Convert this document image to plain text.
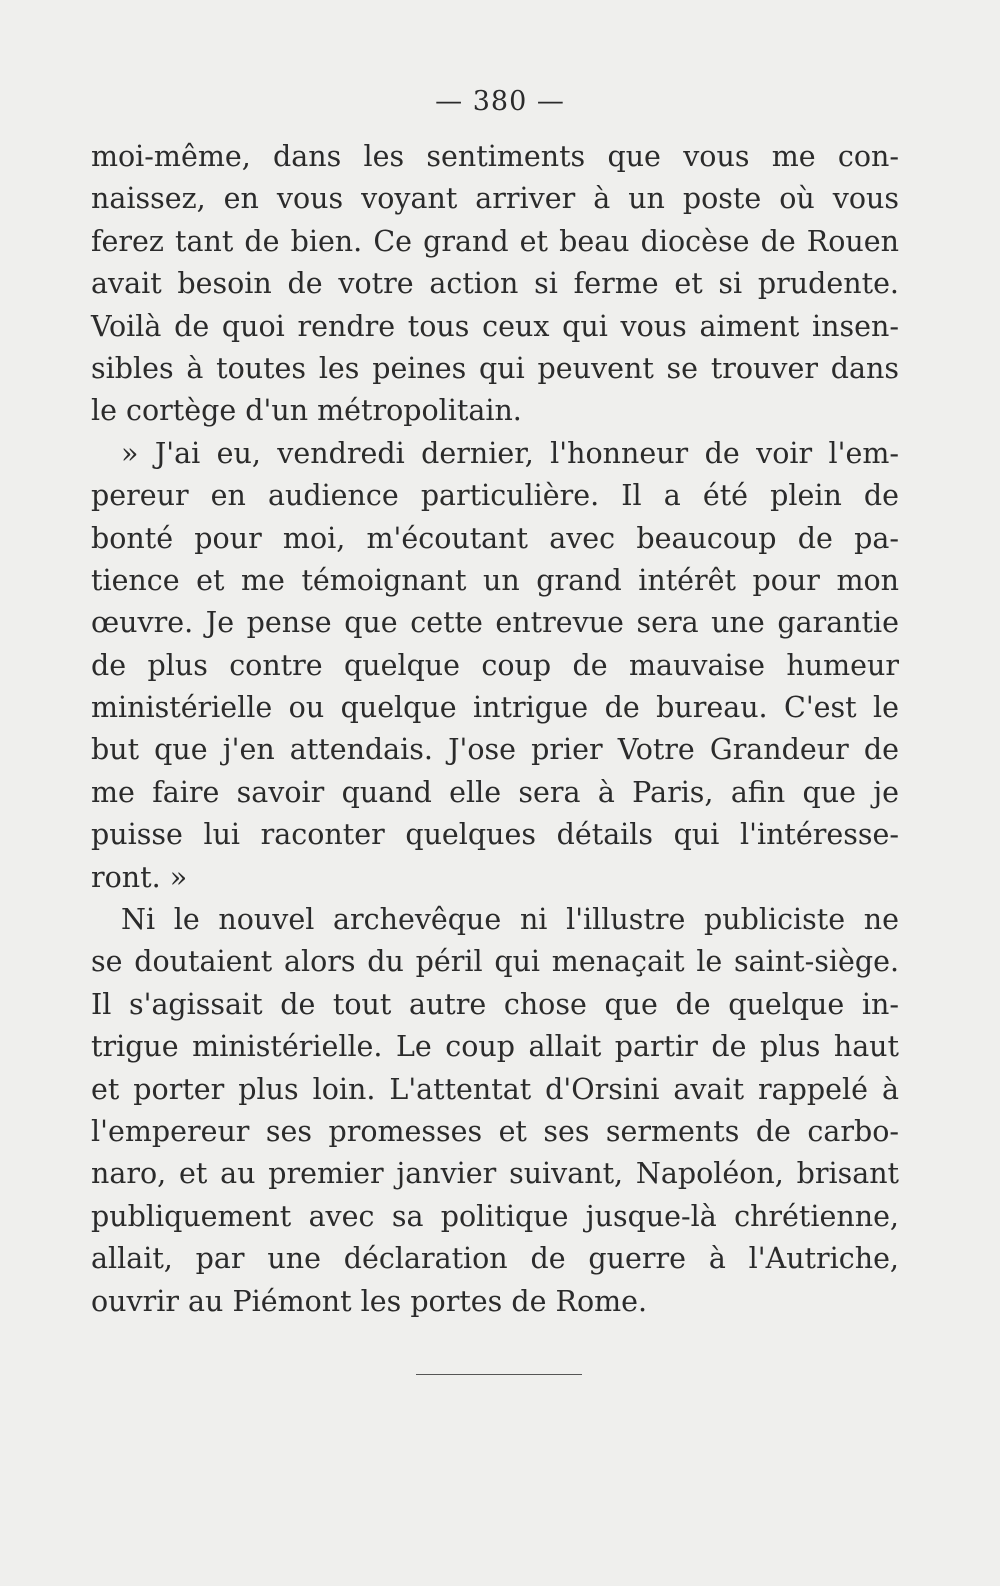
— 380 —
moi-même, dans les sentiments que vous me con-
naissez, en vous voyant arriver à un poste où vous
ferez tant de bien. Ce grand et beau diocèse de Rouen
avait besoin de votre action si ferme et si prudente.
Voilà de quoi rendre tous ceux qui vous aiment insen-
sibles à toutes les peines qui peuvent se trouver dans
le cortège d'un métropolitain.
» J'ai eu, vendredi dernier, l'honneur de voir l'em-
pereur en audience particulière. Il a été plein de
bonté pour moi, m'écoutant avec beaucoup de pa-
tience et me témoignant un grand intérêt pour mon
œuvre. Je pense que cette entrevue sera une garantie
de plus contre quelque coup de mauvaise humeur
ministérielle ou quelque intrigue de bureau. C'est le
but que j'en attendais. J'ose prier Votre Grandeur de
me faire savoir quand elle sera à Paris, afin que je
puisse lui raconter quelques détails qui l'intéresse-
ront. »
Ni le nouvel archevêque ni l'illustre publiciste ne
se doutaient alors du péril qui menaçait le saint-siège.
Il s'agissait de tout autre chose que de quelque in-
trigue ministérielle. Le coup allait partir de plus haut
et porter plus loin. L'attentat d'Orsini avait rappelé à
l'empereur ses promesses et ses serments de carbo-
naro, et au premier janvier suivant, Napoléon, brisant
publiquement avec sa politique jusque-là chrétienne,
allait, par une déclaration de guerre à l'Autriche,
ouvrir au Piémont les portes de Rome.
